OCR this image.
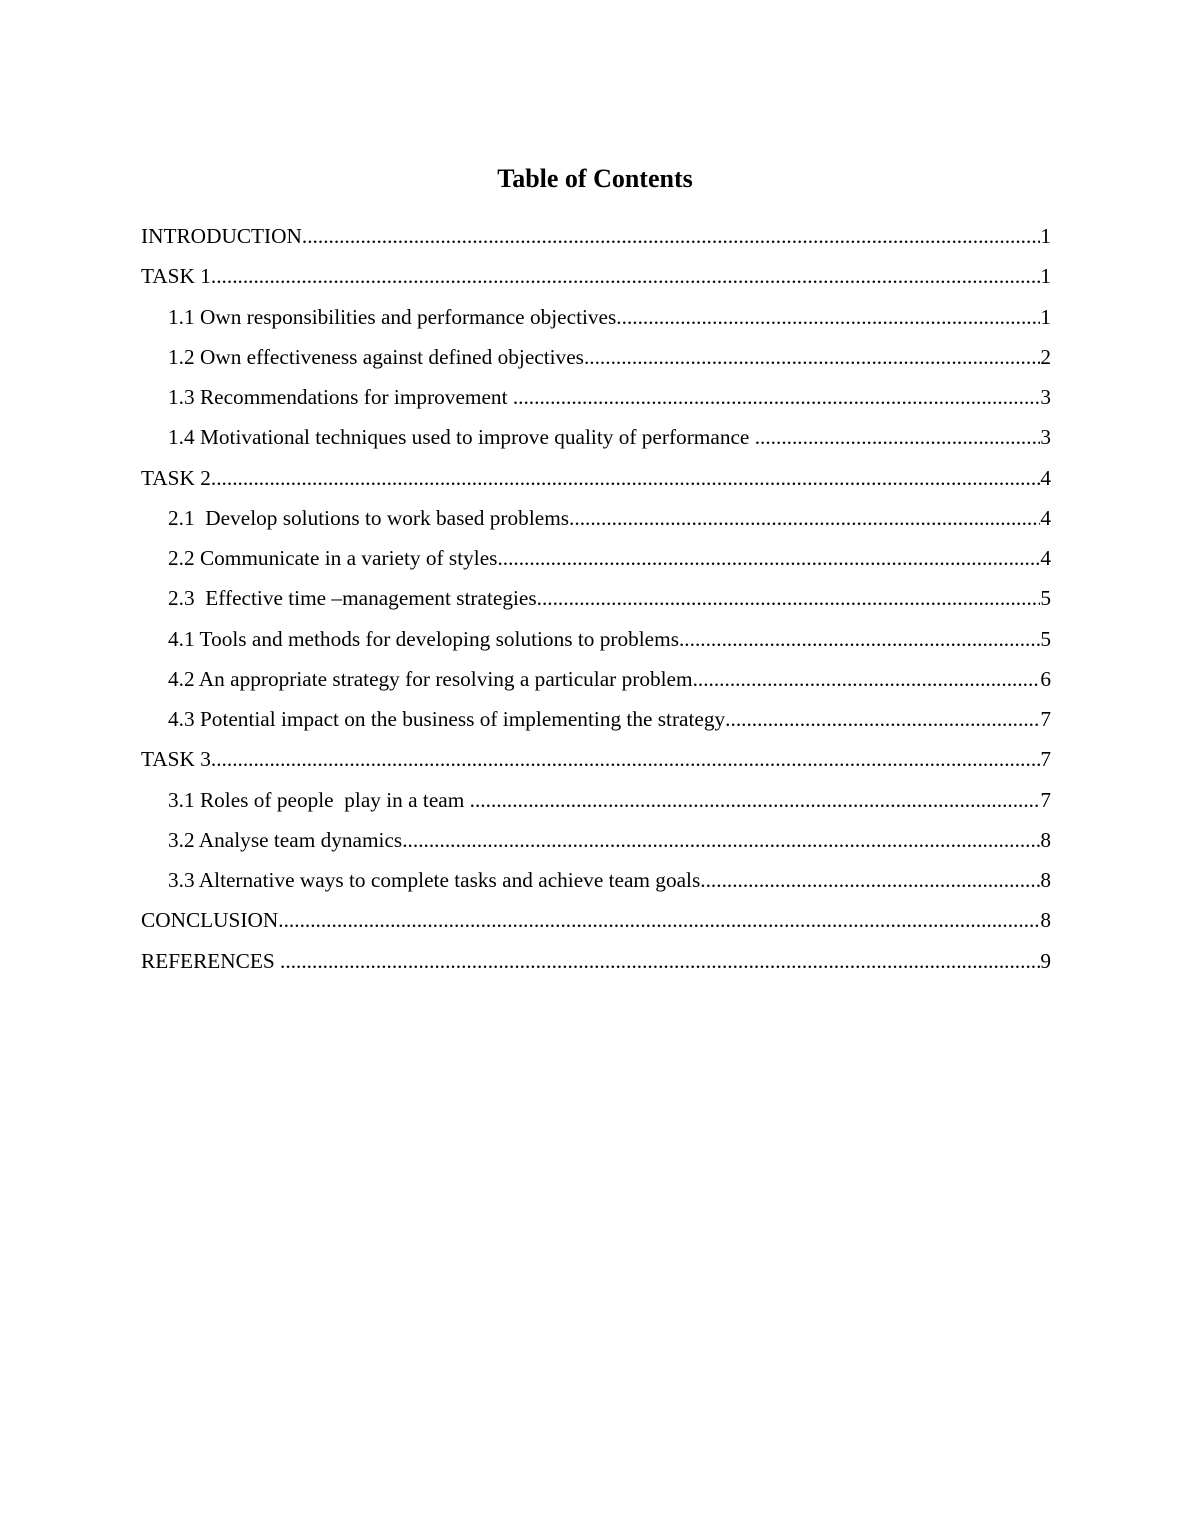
Table of Contents
INTRODUCTION .....	1
TASK 1 .....	1
1.1 Own responsibilities and performance objectives .....	1
1.2 Own effectiveness against defined objectives .....	2
1.3 Recommendations for improvement .....	3
1.4 Motivational techniques used to improve quality of performance .....	3
TASK 2 .....	4
2.1  Develop solutions to work based problems .....	4
2.2 Communicate in a variety of styles .....	4
2.3  Effective time –management strategies .....	5
4.1 Tools and methods for developing solutions to problems .....	5
4.2 An appropriate strategy for resolving a particular problem .....	6
4.3 Potential impact on the business of implementing the strategy .....	7
TASK 3 .....	7
3.1 Roles of people  play in a team .....	7
3.2 Analyse team dynamics .....	8
3.3 Alternative ways to complete tasks and achieve team goals .....	8
CONCLUSION .....	8
REFERENCES .....	9
